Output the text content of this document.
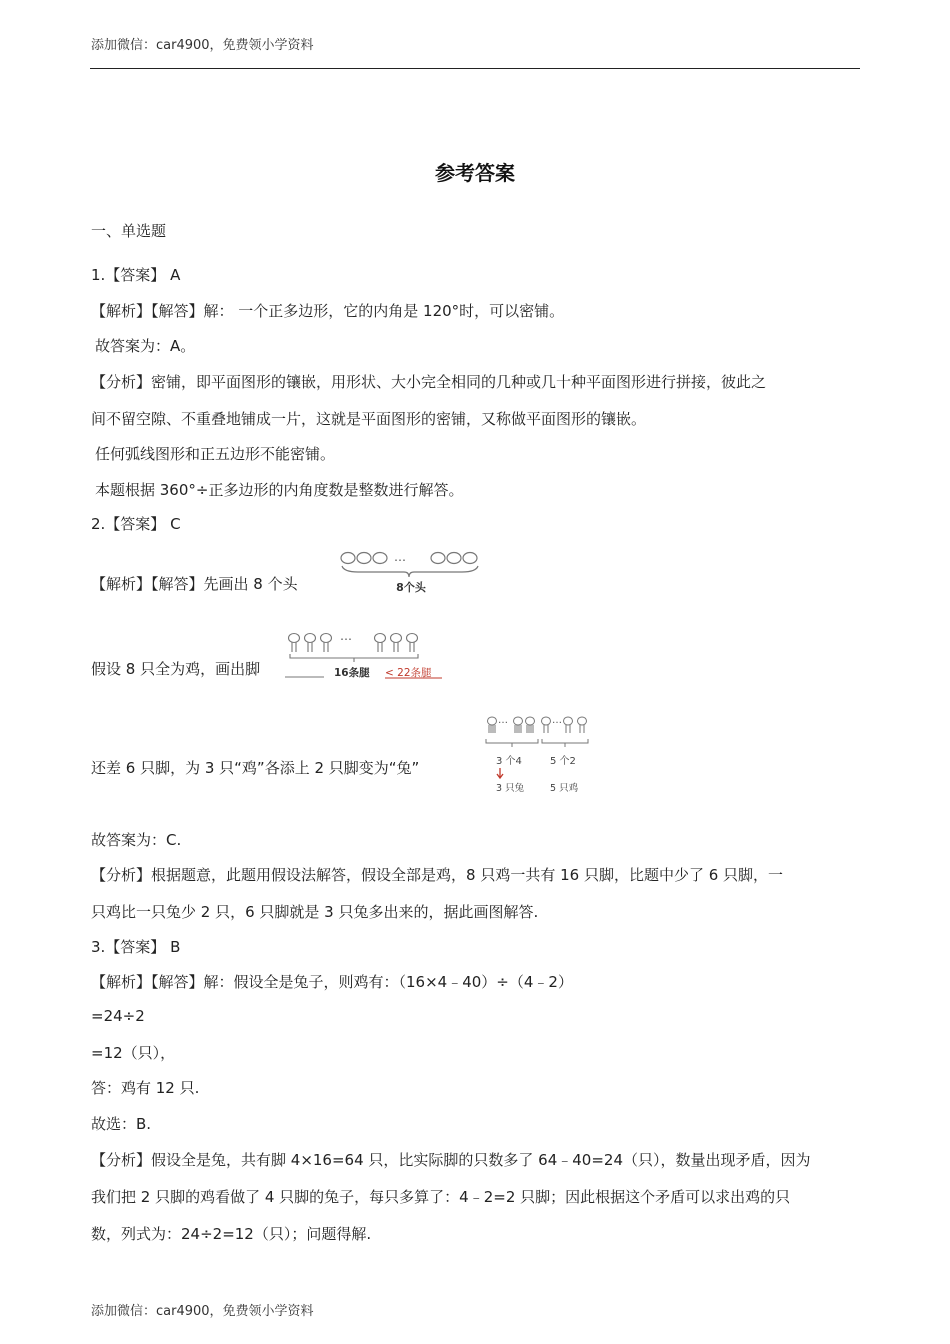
添加微信：car4900，免费领小学资料
参考答案
一、单选题
1.【答案】 A
【解析】【解答】解： 一个正多边形，它的内角是 120°时，可以密铺。
故答案为：A。
【分析】密铺，即平面图形的镶嵌，用形状、大小完全相同的几种或几十种平面图形进行拼接，彼此之
间不留空隙、不重叠地铺成一片，这就是平面图形的密铺，又称做平面图形的镶嵌。
任何弧线图形和正五边形不能密铺。
本题根据 360°÷正多边形的内角度数是整数进行解答。
2.【答案】 C
【解析】【解答】先画出 8 个头
…
8个头
假设 8 只全为鸡，画出脚
…
16条腿 < 22条腿
还差 6 只脚，为 3 只“鸡”各添上 2 只脚变为“兔”
…	…
3 个4	5 个2
3 只兔	5 只鸡
故答案为：C.
【分析】根据题意，此题用假设法解答，假设全部是鸡，8 只鸡一共有 16 只脚，比题中少了 6 只脚，一
只鸡比一只兔少 2 只，6 只脚就是 3 只兔多出来的，据此画图解答.
3.【答案】 B
【解析】【解答】解：假设全是兔子，则鸡有：（16×4﹣40）÷（4﹣2）
=24÷2
=12（只），
答：鸡有 12 只.
故选：B.
【分析】假设全是兔，共有脚 4×16=64 只，比实际脚的只数多了 64﹣40=24（只），数量出现矛盾，因为
我们把 2 只脚的鸡看做了 4 只脚的兔子，每只多算了：4﹣2=2 只脚；因此根据这个矛盾可以求出鸡的只
数，列式为：24÷2=12（只）；问题得解.
添加微信：car4900，免费领小学资料
